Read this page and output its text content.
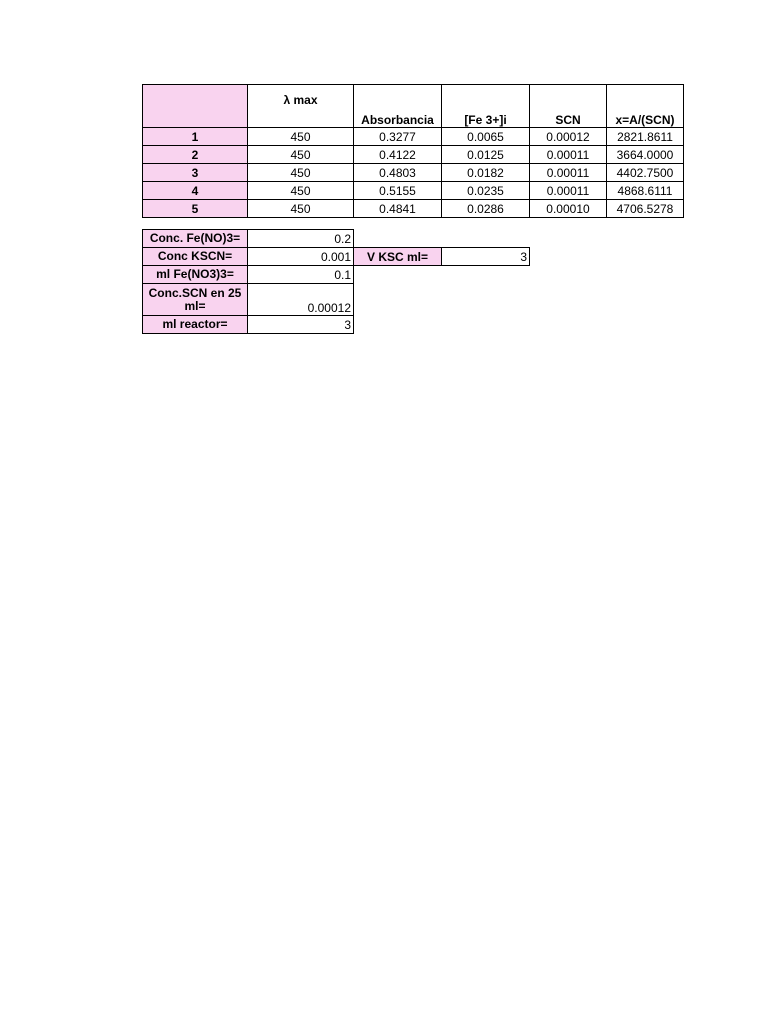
	λ max	Absorbancia	[Fe 3+]i	SCN	x=A/(SCN)
1	450	0.3277	0.0065	0.00012	2821.8611
2	450	0.4122	0.0125	0.00011	3664.0000
3	450	0.4803	0.0182	0.00011	4402.7500
4	450	0.5155	0.0235	0.00011	4868.6111
5	450	0.4841	0.0286	0.00010	4706.5278
Conc. Fe(NO)3=	0.2		
Conc KSCN=	0.001	V KSC ml=	3
ml Fe(NO3)3=	0.1		
Conc.SCN en 25 ml=	0.00012		
ml reactor=	3		
